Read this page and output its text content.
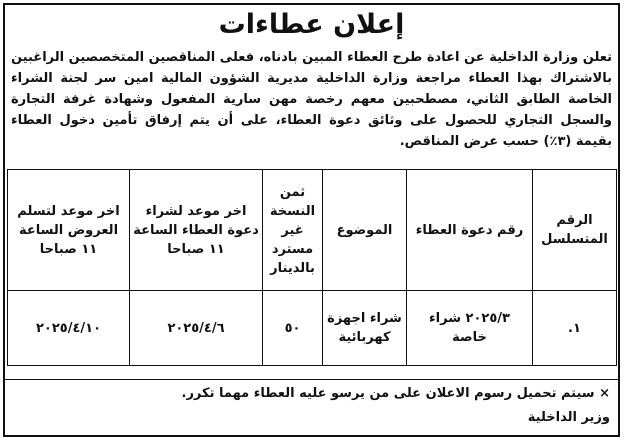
إعلان عطاءات
تعلن وزارة الداخلية عن اعادة طرح العطاء المبين بادناه، فعلى المناقصين المتخصصين الراغبين بالاشتراك بهذا العطاء مراجعة وزارة الداخلية مديرية الشؤون المالية امين سر لجنة الشراء الخاصة الطابق الثاني، مصطحبين معهم رخصة مهن سارية المفعول وشهادة غرفة التجارة والسجل التجاري للحصول على وثائق دعوة العطاء، على أن يتم إرفاق تأمين دخول العطاء بقيمة (٣٪) حسب عرض المناقص.
الرقم المتسلسل	رقم دعوة العطاء	الموضوع	ثمن النسخة غير مسترد بالدينار	اخر موعد لشراء دعوة العطاء الساعة ١١ صباحا	اخر موعد لتسلم العروض الساعة ١١ صباحا
١.	٢٠٢٥/٣ شراء خاصة	شراء اجهزة كهربائية	٥٠	٢٠٢٥/٤/٦	٢٠٢٥/٤/١٠
× سيتم تحميل رسوم الاعلان على من يرسو عليه العطاء مهما تكرر.
وزير الداخلية
